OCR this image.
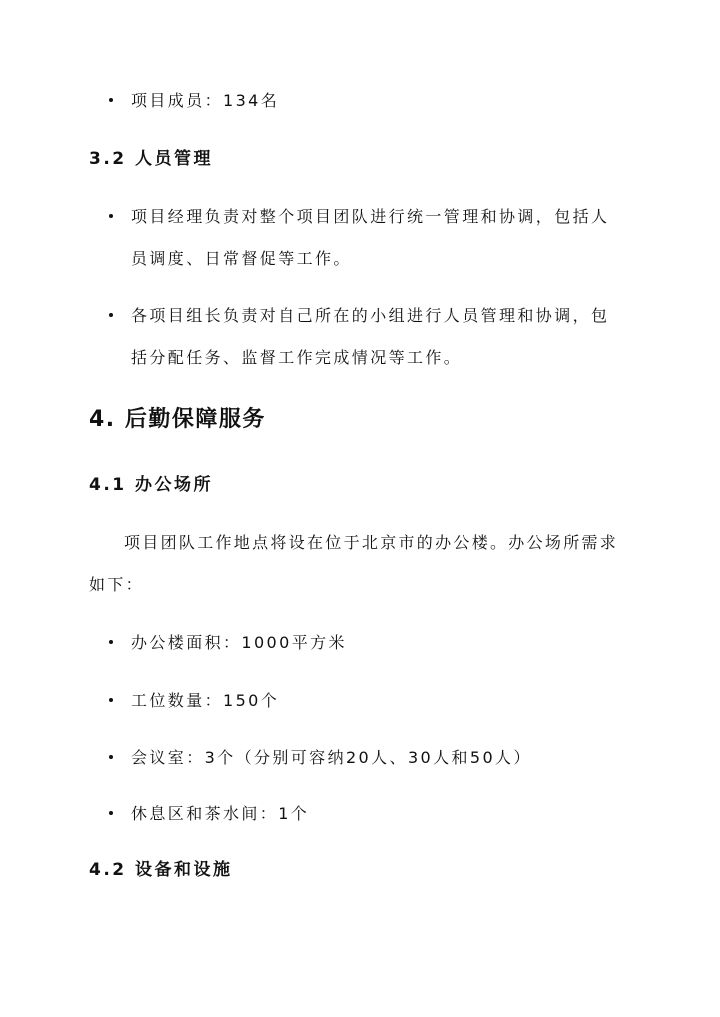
项目成员：134名
3.2 人员管理
项目经理负责对整个项目团队进行统一管理和协调，包括人
员调度、日常督促等工作。
各项目组长负责对自己所在的小组进行人员管理和协调，包
括分配任务、监督工作完成情况等工作。
4. 后勤保障服务
4.1 办公场所
项目团队工作地点将设在位于北京市的办公楼。办公场所需求
如下：
办公楼面积：1000平方米
工位数量：150个
会议室：3个（分别可容纳20人、30人和50人）
休息区和茶水间：1个
4.2 设备和设施
